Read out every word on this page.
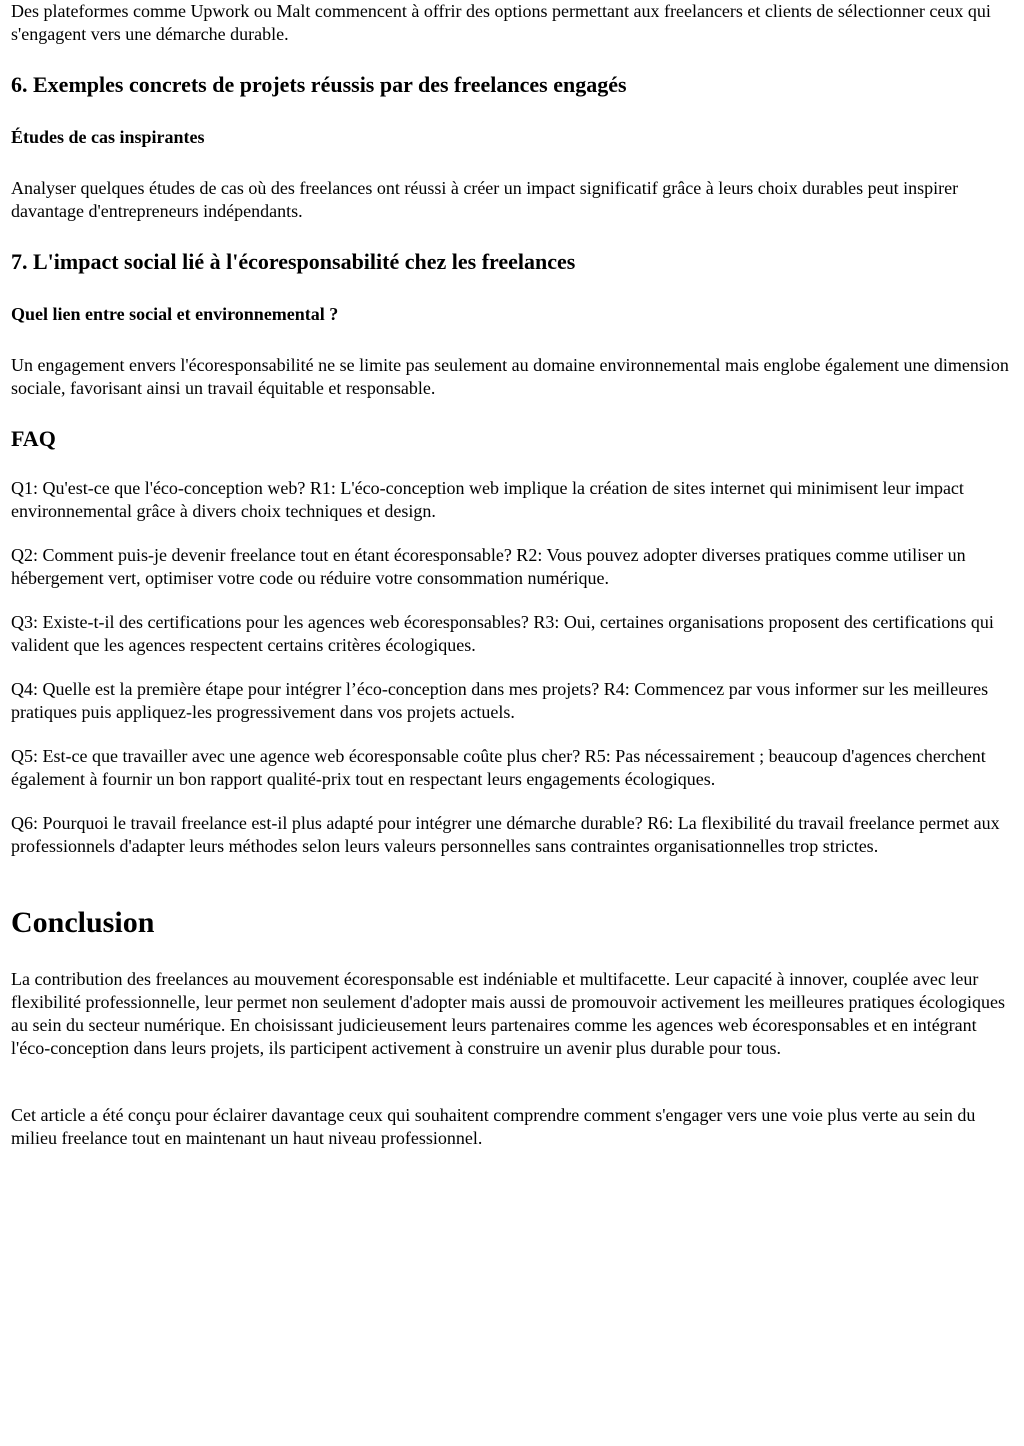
Des plateformes comme Upwork ou Malt commencent à offrir des options permettant aux freelancers et clients de sélectionner ceux qui s'engagent vers une démarche durable.

6. Exemples concrets de projets réussis par des freelances engagés
Études de cas inspirantes

Analyser quelques études de cas où des freelances ont réussi à créer un impact significatif grâce à leurs choix durables peut inspirer davantage d'entrepreneurs indépendants.

7. L'impact social lié à l'écoresponsabilité chez les freelances
Quel lien entre social et environnemental ?

Un engagement envers l'écoresponsabilité ne se limite pas seulement au domaine environnemental mais englobe également une dimension sociale, favorisant ainsi un travail équitable et responsable.

FAQ

Q1: Qu'est-ce que l'éco-conception web? R1: L'éco-conception web implique la création de sites internet qui minimisent leur impact environnemental grâce à divers choix techniques et design.

Q2: Comment puis-je devenir freelance tout en étant écoresponsable? R2: Vous pouvez adopter diverses pratiques comme utiliser un hébergement vert, optimiser votre code ou réduire votre consommation numérique.

Q3: Existe-t-il des certifications pour les agences web écoresponsables? R3: Oui, certaines organisations proposent des certifications qui valident que les agences respectent certains critères écologiques.

Q4: Quelle est la première étape pour intégrer l’éco-conception dans mes projets? R4: Commencez par vous informer sur les meilleures pratiques puis appliquez-les progressivement dans vos projets actuels.

Q5: Est-ce que travailler avec une agence web écoresponsable coûte plus cher? R5: Pas nécessairement ; beaucoup d'agences cherchent également à fournir un bon rapport qualité-prix tout en respectant leurs engagements écologiques.

Q6: Pourquoi le travail freelance est-il plus adapté pour intégrer une démarche durable? R6: La flexibilité du travail freelance permet aux professionnels d'adapter leurs méthodes selon leurs valeurs personnelles sans contraintes organisationnelles trop strictes.

Conclusion

La contribution des freelances au mouvement écoresponsable est indéniable et multifacette. Leur capacité à innover, couplée avec leur flexibilité professionnelle, leur permet non seulement d'adopter mais aussi de promouvoir activement les meilleures pratiques écologiques au sein du secteur numérique. En choisissant judicieusement leurs partenaires comme les agences web écoresponsables et en intégrant l'éco-conception dans leurs projets, ils participent activement à construire un avenir plus durable pour tous.

Cet article a été conçu pour éclairer davantage ceux qui souhaitent comprendre comment s'engager vers une voie plus verte au sein du milieu freelance tout en maintenant un haut niveau professionnel.
